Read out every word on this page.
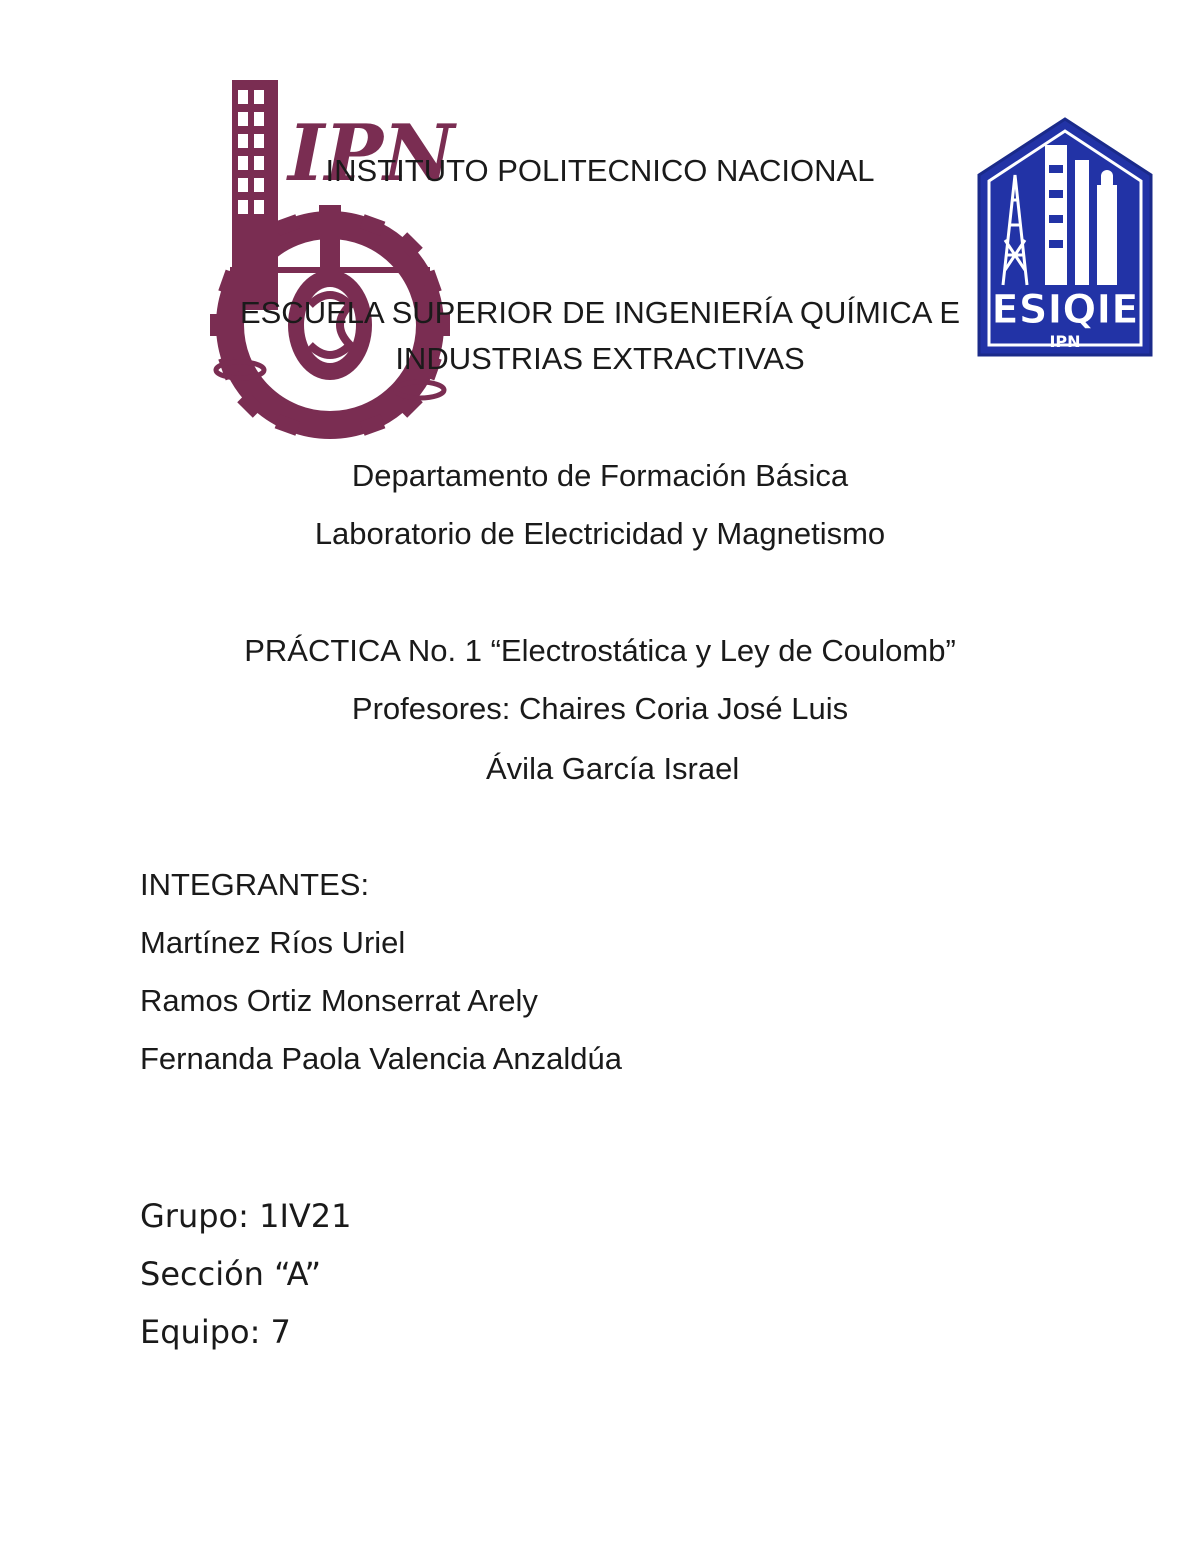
IPN
ESIQIE
IPN
INSTITUTO POLITECNICO NACIONAL
ESCUELA SUPERIOR DE INGENIERÍA QUÍMICA E
INDUSTRIAS EXTRACTIVAS
Departamento de Formación Básica
Laboratorio de Electricidad y Magnetismo
PRÁCTICA No. 1 “Electrostática y Ley de Coulomb”
Profesores: Chaires Coria José Luis
Ávila García Israel
INTEGRANTES:
Martínez Ríos Uriel
Ramos Ortiz Monserrat Arely
Fernanda Paola Valencia Anzaldúa
Grupo: 1IV21
Sección “A”
Equipo: 7
